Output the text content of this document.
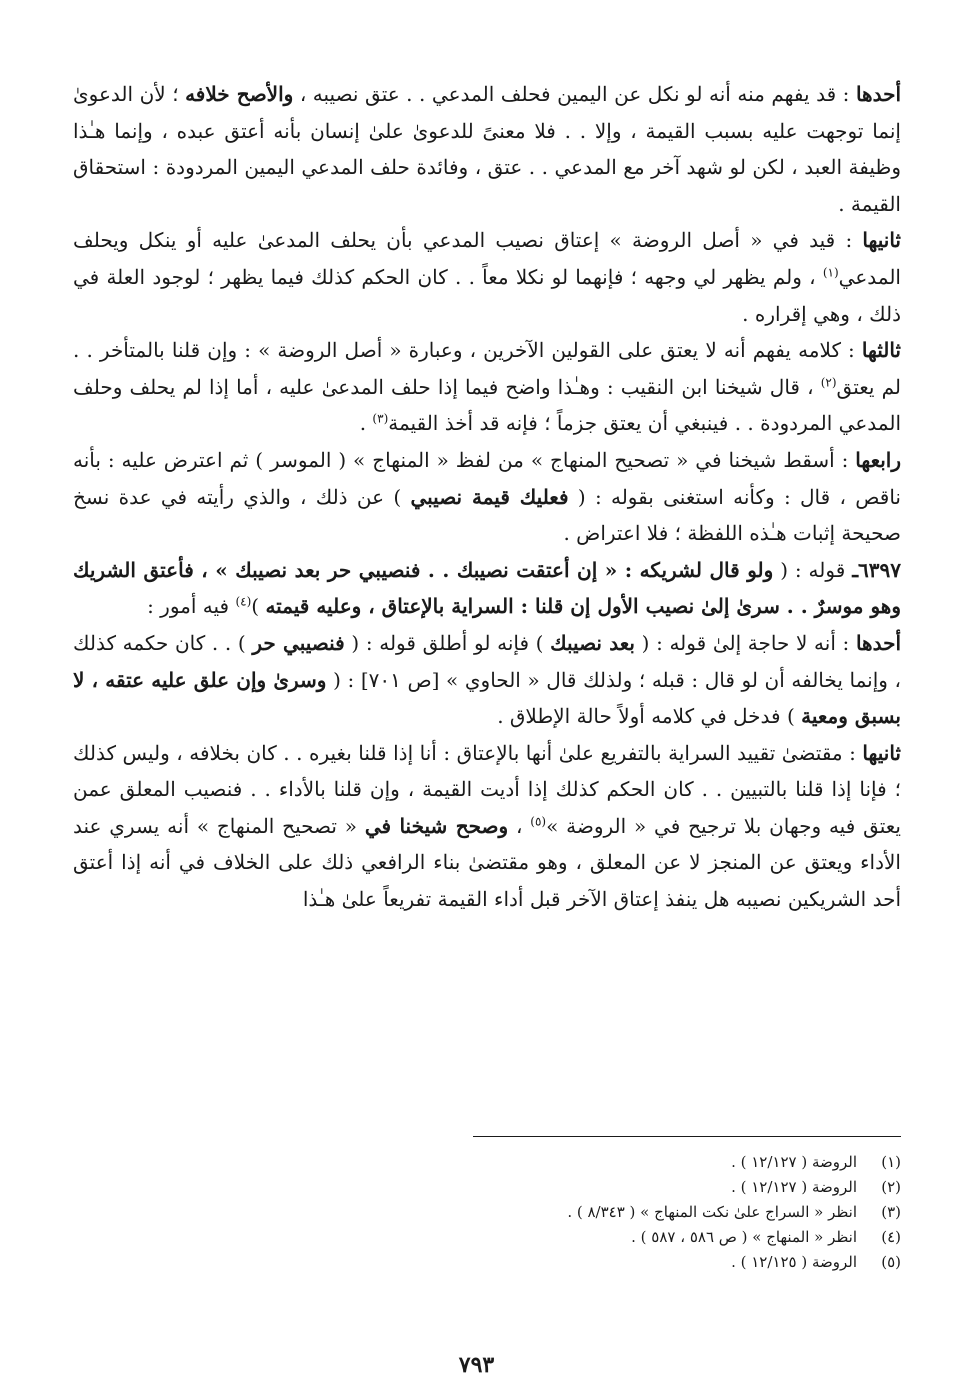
أحدها : قد يفهم منه أنه لو نكل عن اليمين فحلف المدعي . . عتق نصيبه ، والأصح خلافه ؛ لأن الدعوىٰ إنما توجهت عليه بسبب القيمة ، وإلا . . فلا معنىً للدعوىٰ علىٰ إنسان بأنه أعتق عبده ، وإنما هـٰذا وظيفة العبد ، لكن لو شهد آخر مع المدعي . . عتق ، وفائدة حلف المدعي اليمين المردودة : استحقاق القيمة .

ثانيها : قيد في « أصل الروضة » إعتاق نصيب المدعي بأن يحلف المدعىٰ عليه أو ينكل ويحلف المدعي$^{(١)}$ ، ولم يظهر لي وجهه ؛ فإنهما لو نكلا معاً . . كان الحكم كذلك فيما يظهر ؛ لوجود العلة في ذلك ، وهي إقراره .

ثالثها : كلامه يفهم أنه لا يعتق على القولين الآخرين ، وعبارة « أصل الروضة » : وإن قلنا بالمتأخر . . لم يعتق$^{(٢)}$ ، قال شيخنا ابن النقيب : وهـٰذا واضح فيما إذا حلف المدعىٰ عليه ، أما إذا لم يحلف وحلف المدعي المردودة . . فينبغي أن يعتق جزماً ؛ فإنه قد أخذ القيمة$^{(٣)}$ .

رابعها : أسقط شيخنا في « تصحيح المنهاج » من لفظ « المنهاج » ( الموسر ) ثم اعترض عليه : بأنه ناقص ، قال : وكأنه استغنى بقوله : ( فعليك قيمة نصيبي ) عن ذلك ، والذي رأيته في عدة نسخ صحيحة إثبات هـٰذه اللفظة ؛ فلا اعتراض .

٦٣٩٧ـ قوله : ( ولو قال لشريكه : « إن أعتقت نصيبك . . فنصيبي حر بعد نصيبك » ، فأعتق الشريك وهو موسرٌ . . سرىٰ إلىٰ نصيب الأول إن قلنا : السراية بالإعتاق ، وعليه قيمته )$^{(٤)}$ فيه أمور :

أحدها : أنه لا حاجة إلىٰ قوله : ( بعد نصيبك ) فإنه لو أطلق قوله : ( فنصيبي حر ) . . كان حكمه كذلك ، وإنما يخالفه أن لو قال : قبله ؛ ولذلك قال « الحاوي » [ص ٧٠١] : ( وسرىٰ وإن علق عليه عتقه ، لا بسبق ومعية ) فدخل في كلامه أولاً حالة الإطلاق .

ثانيها : مقتضىٰ تقييد السراية بالتفريع علىٰ أنها بالإعتاق : أنا إذا قلنا بغيره . . كان بخلافه ، وليس كذلك ؛ فإنا إذا قلنا بالتبيين . . كان الحكم كذلك إذا أديت القيمة ، وإن قلنا بالأداء . . فنصيب المعلق عمن يعتق فيه وجهان بلا ترجيح في « الروضة »$^{(٥)}$ ، وصحح شيخنا في « تصحيح المنهاج » أنه يسري عند الأداء ويعتق عن المنجز لا عن المعلق ، وهو مقتضىٰ بناء الرافعي ذلك على الخلاف في أنه إذا أعتق أحد الشريكين نصيبه هل ينفذ إعتاق الآخر قبل أداء القيمة تفريعاً علىٰ هـٰذا

(١)
الروضة ( ١٢/١٢٧ ) .
(٢)
الروضة ( ١٢/١٢٧ ) .
(٣)
انظر « السراج علىٰ نكت المنهاج » ( ٨/٣٤٣ ) .
(٤)
انظر « المنهاج » ( ص ٥٨٦ ، ٥٨٧ ) .
(٥)
الروضة ( ١٢/١٢٥ ) .
٧٩٣
